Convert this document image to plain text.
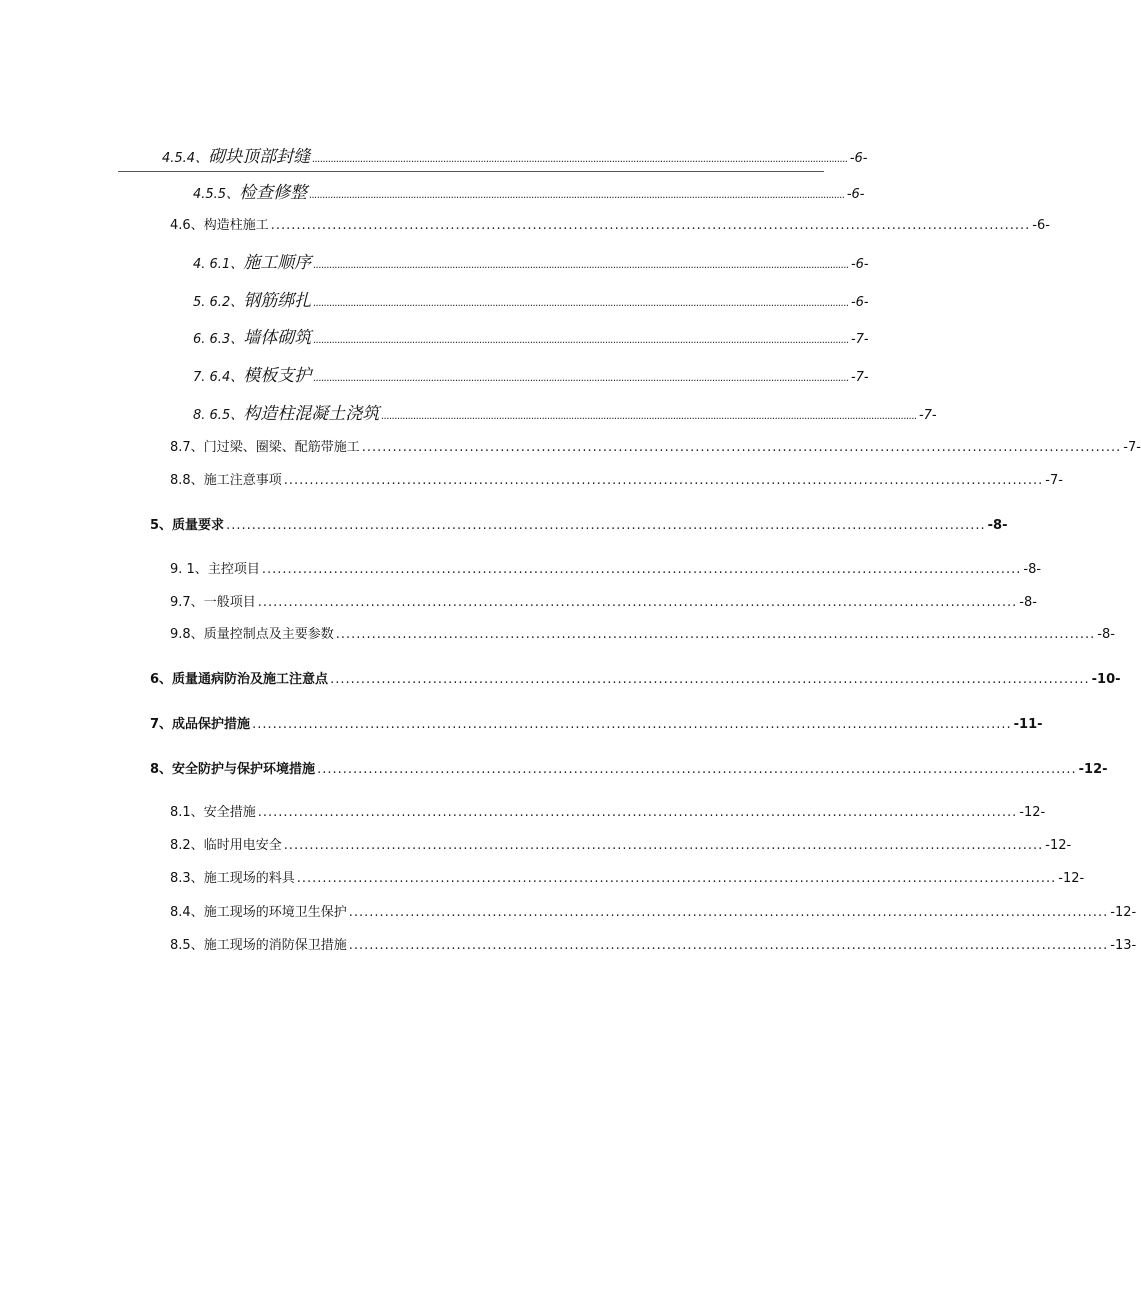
4.5.4、 砌块顶部封缝 ........................................................................................................................................................................................................ -6-
4.5.5、 检查修整 ........................................................................................................................................................................................................ -6-
4.6、 构造柱施工 .................................................................................................................................................... -6-
4. 6.1、 施工顺序 ........................................................................................................................................................................................................ -6-
5. 6.2、 钢筋绑扎 ........................................................................................................................................................................................................ -6-
6. 6.3、 墙体砌筑 ........................................................................................................................................................................................................ -7-
7. 6.4、 模板支护 ........................................................................................................................................................................................................ -7-
8. 6.5、 构造柱混凝土浇筑 ........................................................................................................................................................................................................ -7-
8.7、 门过梁、圈梁、配筋带施工 .................................................................................................................................................... -7-
8.8、 施工注意事项 .................................................................................................................................................... -7-
5、 质量要求 .................................................................................................................................................... -8-
9. 1、 主控项目 .................................................................................................................................................... -8-
9.7、 一般项目 .................................................................................................................................................... -8-
9.8、 质量控制点及主要参数 .................................................................................................................................................... -8-
6、 质量通病防治及施工注意点 .................................................................................................................................................... -10-
7、 成品保护措施 .................................................................................................................................................... -11-
8、 安全防护与保护环境措施 .................................................................................................................................................... -12-
8.1、 安全措施 .................................................................................................................................................... -12-
8.2、 临时用电安全 .................................................................................................................................................... -12-
8.3、 施工现场的料具 .................................................................................................................................................... -12-
8.4、 施工现场的环境卫生保护 .................................................................................................................................................... -12-
8.5、 施工现场的消防保卫措施 .................................................................................................................................................... -13-
